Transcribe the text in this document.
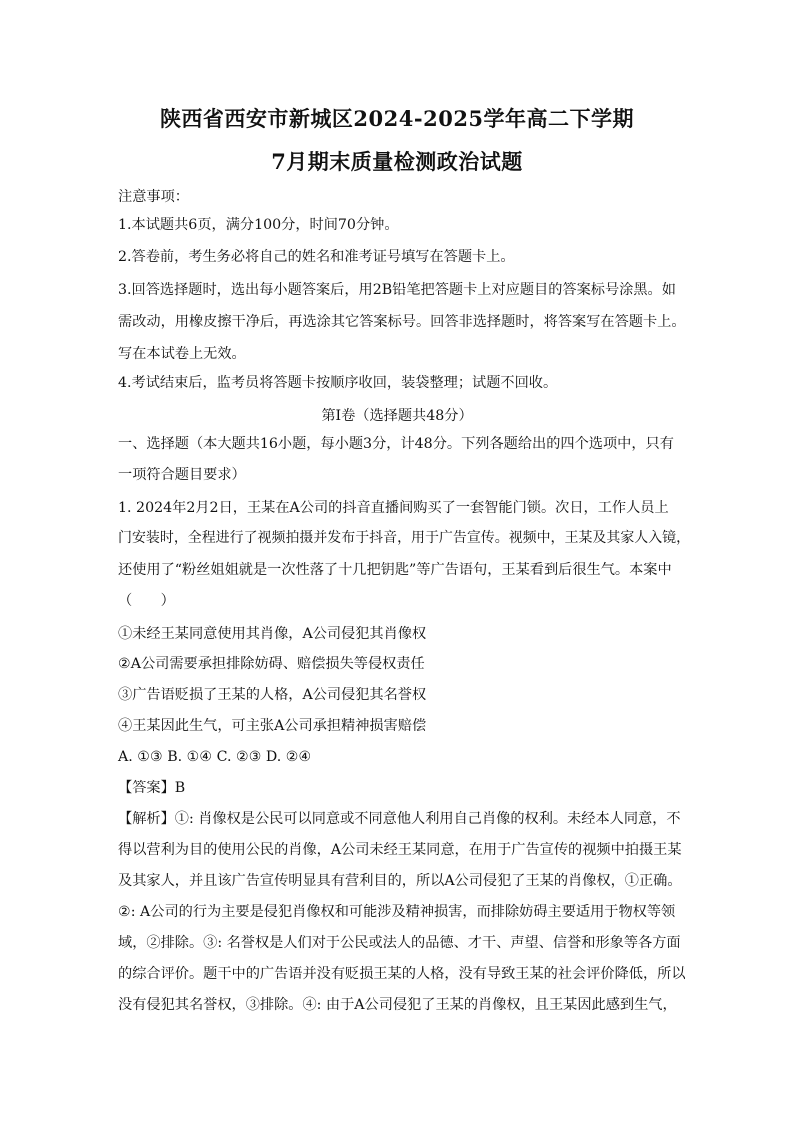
陕西省西安市新城区2024-2025学年高二下学期
7月期末质量检测政治试题
注意事项：
1.本试题共6页，满分100分，时间70分钟。
2.答卷前，考生务必将自己的姓名和准考证号填写在答题卡上。
3.回答选择题时，选出每小题答案后，用2B铅笔把答题卡上对应题目的答案标号涂黑。如
需改动，用橡皮擦干净后，再选涂其它答案标号。回答非选择题时，将答案写在答题卡上。
写在本试卷上无效。
4.考试结束后，监考员将答题卡按顺序收回，装袋整理；试题不回收。
第Ⅰ卷（选择题共48分）
一、选择题（本大题共16小题，每小题3分，计48分。下列各题给出的四个选项中，只有
一项符合题目要求）
1. 2024年2月2日，王某在A公司的抖音直播间购买了一套智能门锁。次日，工作人员上
门安装时，全程进行了视频拍摄并发布于抖音，用于广告宣传。视频中，王某及其家人入镜，
还使用了“粉丝姐姐就是一次性落了十几把钥匙”等广告语句，王某看到后很生气。本案中
（　　）
①未经王某同意使用其肖像，A公司侵犯其肖像权
②A公司需要承担排除妨碍、赔偿损失等侵权责任
③广告语贬损了王某的人格，A公司侵犯其名誉权
④王某因此生气，可主张A公司承担精神损害赔偿
A. ①③ B. ①④ C. ②③ D. ②④
【答案】B
【解析】①: 肖像权是公民可以同意或不同意他人利用自己肖像的权利。未经本人同意，不
得以营利为目的使用公民的肖像，A公司未经王某同意，在用于广告宣传的视频中拍摄王某
及其家人，并且该广告宣传明显具有营利目的，所以A公司侵犯了王某的肖像权，①正确。
②: A公司的行为主要是侵犯肖像权和可能涉及精神损害，而排除妨碍主要适用于物权等领
域，②排除。③: 名誉权是人们对于公民或法人的品德、才干、声望、信誉和形象等各方面
的综合评价。题干中的广告语并没有贬损王某的人格，没有导致王某的社会评价降低，所以
没有侵犯其名誉权，③排除。④: 由于A公司侵犯了王某的肖像权，且王某因此感到生气，
